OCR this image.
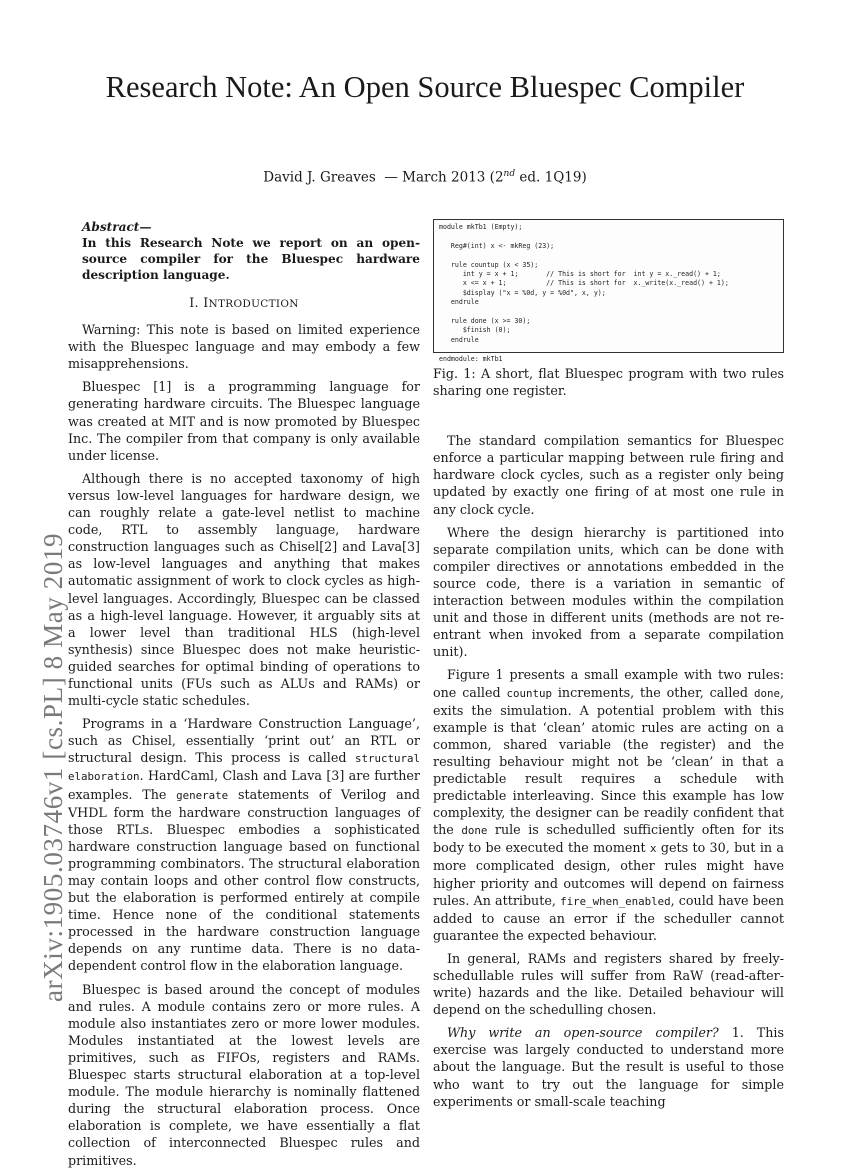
Research Note: An Open Source Bluespec Compiler
David J. Greaves — March 2013 (2nd ed. 1Q19)
arXiv:1905.03746v1 [cs.PL] 8 May 2019
Abstract—
In this Research Note we report on an open-source compiler for the Bluespec hardware description language.
I. INTRODUCTION

Warning: This note is based on limited experience with the Bluespec language and may embody a few misapprehensions.

Bluespec [1] is a programming language for generating hardware circuits. The Bluespec language was created at MIT and is now promoted by Bluespec Inc. The compiler from that company is only available under license.

Although there is no accepted taxonomy of high versus low-level languages for hardware design, we can roughly relate a gate-level netlist to machine code, RTL to assembly language, hardware construction languages such as Chisel[2] and Lava[3] as low-level languages and anything that makes automatic assignment of work to clock cycles as high-level languages. Accordingly, Bluespec can be classed as a high-level language. However, it arguably sits at a lower level than traditional HLS (high-level synthesis) since Bluespec does not make heuristic-guided searches for optimal binding of operations to functional units (FUs such as ALUs and RAMs) or multi-cycle static schedules.

Programs in a ‘Hardware Construction Language’, such as Chisel, essentially ‘print out’ an RTL or structural design. This process is called structural elaboration. HardCaml, Clash and Lava [3] are further examples. The generate statements of Verilog and VHDL form the hardware construction languages of those RTLs. Bluespec embodies a sophisticated hardware construction language based on functional programming combinators. The structural elaboration may contain loops and other control flow constructs, but the elaboration is performed entirely at compile time. Hence none of the conditional statements processed in the hardware construction language depends on any runtime data. There is no data-dependent control flow in the elaboration language.

Bluespec is based around the concept of modules and rules. A module contains zero or more rules. A module also instantiates zero or more lower modules. Modules instantiated at the lowest levels are primitives, such as FIFOs, registers and RAMs. Bluespec starts structural elaboration at a top-level module. The module hierarchy is nominally flattened during the structural elaboration process. Once elaboration is complete, we have essentially a flat collection of interconnected Bluespec rules and primitives.

module mkTb1 (Empty);

Reg#(int) x <- mkReg (23);

rule countup (x < 35);
int y = x + 1;       // This is short for  int y = x._read() + 1;
x <= x + 1;          // This is short for  x._write(x._read() + 1);
$display ("x = %0d, y = %0d", x, y);
endrule

rule done (x >= 30);
$finish (0);
endrule

endmodule: mkTb1
Fig. 1: A short, flat Bluespec program with two rules sharing one register.

The standard compilation semantics for Bluespec enforce a particular mapping between rule firing and hardware clock cycles, such as a register only being updated by exactly one firing of at most one rule in any clock cycle.

Where the design hierarchy is partitioned into separate compilation units, which can be done with compiler directives or annotations embedded in the source code, there is a variation in semantic of interaction between modules within the compilation unit and those in different units (methods are not re-entrant when invoked from a separate compilation unit).

Figure 1 presents a small example with two rules: one called countup increments, the other, called done, exits the simulation. A potential problem with this example is that ‘clean’ atomic rules are acting on a common, shared variable (the register) and the resulting behaviour might not be ‘clean’ in that a predictable result requires a schedule with predictable interleaving. Since this example has low complexity, the designer can be readily confident that the done rule is schedulled sufficiently often for its body to be executed the moment x gets to 30, but in a more complicated design, other rules might have higher priority and outcomes will depend on fairness rules. An attribute, fire_when_enabled, could have been added to cause an error if the scheduller cannot guarantee the expected behaviour.

In general, RAMs and registers shared by freely-schedullable rules will suffer from RaW (read-after-write) hazards and the like. Detailed behaviour will depend on the schedulling chosen.

Why write an open-source compiler? 1. This exercise was largely conducted to understand more about the language. But the result is useful to those who want to try out the language for simple experiments or small-scale teaching
